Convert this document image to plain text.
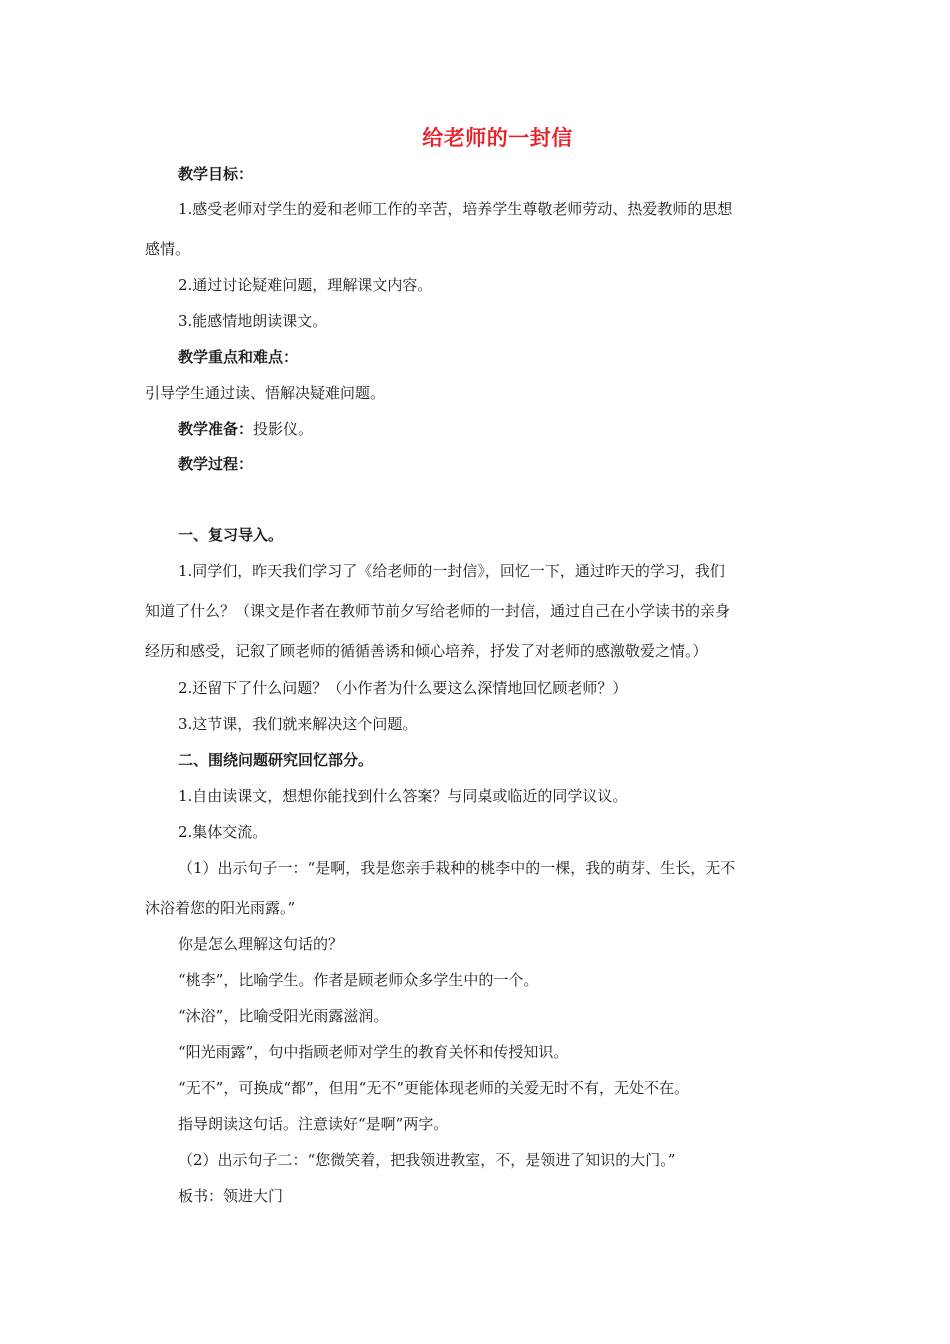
给老师的一封信
教学目标：
1.感受老师对学生的爱和老师工作的辛苦，培养学生尊敬老师劳动、热爱教师的思想
感情。
2.通过讨论疑难问题，理解课文内容。
3.能感情地朗读课文。
教学重点和难点：
引导学生通过读、悟解决疑难问题。
教学准备：投影仪。
教学过程：
一、复习导入。
1.同学们，昨天我们学习了《给老师的一封信》，回忆一下，通过昨天的学习，我们
知道了什么？（课文是作者在教师节前夕写给老师的一封信，通过自己在小学读书的亲身
经历和感受，记叙了顾老师的循循善诱和倾心培养，抒发了对老师的感激敬爱之情。）
2.还留下了什么问题？（小作者为什么要这么深情地回忆顾老师？）
3.这节课，我们就来解决这个问题。
二、围绕问题研究回忆部分。
1.自由读课文，想想你能找到什么答案？与同桌或临近的同学议议。
2.集体交流。
（1）出示句子一：“是啊，我是您亲手栽种的桃李中的一棵，我的萌芽、生长，无不
沐浴着您的阳光雨露。”
你是怎么理解这句话的？
“桃李”，比喻学生。作者是顾老师众多学生中的一个。
“沐浴”，比喻受阳光雨露滋润。
“阳光雨露”，句中指顾老师对学生的教育关怀和传授知识。
“无不”，可换成“都”，但用“无不”更能体现老师的关爱无时不有，无处不在。
指导朗读这句话。注意读好“是啊”两字。
（2）出示句子二：“您微笑着，把我领进教室，不，是领进了知识的大门。”
板书：领进大门
